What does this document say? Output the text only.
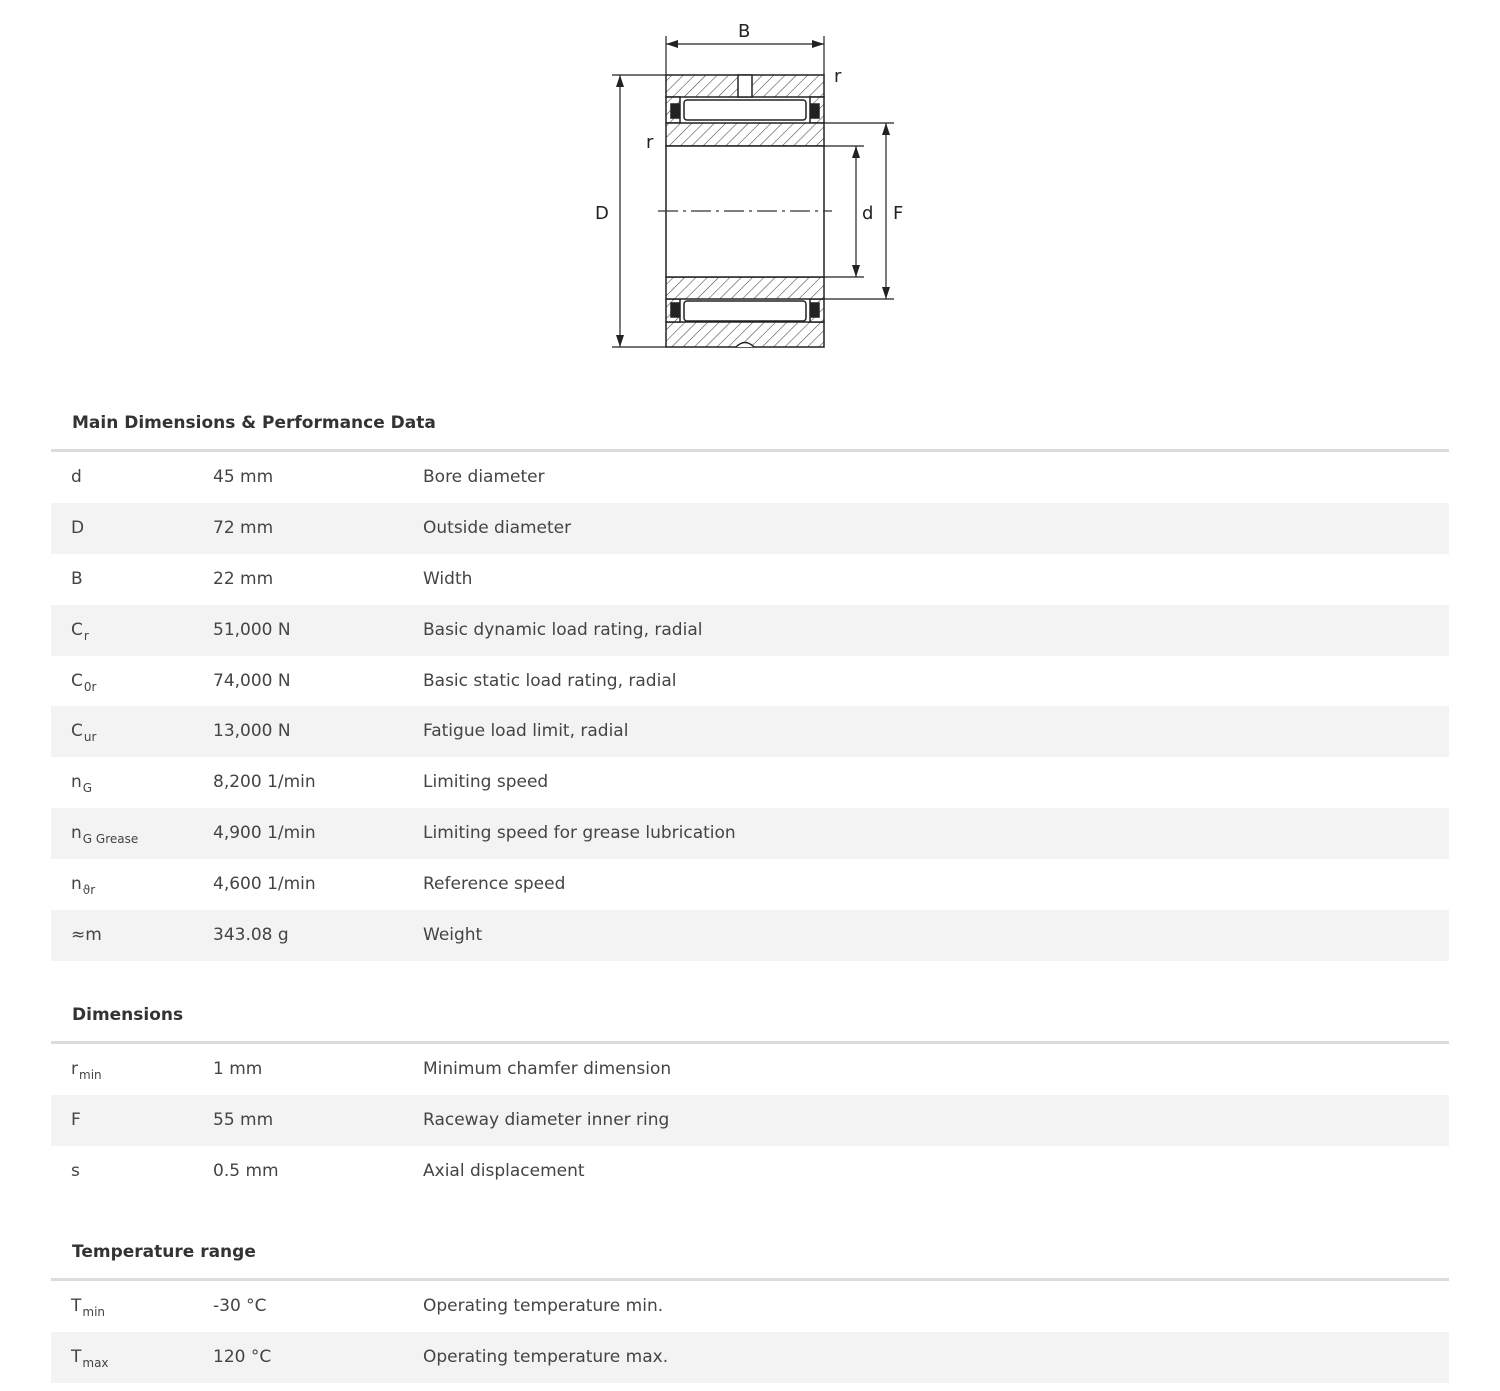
B
r
r
D	d F
Main Dimensions & Performance Data
d	45 mm	Bore diameter
D	72 mm	Outside diameter
B	22 mm	Width
$C_r$	51,000 N	Basic dynamic load rating, radial
$C_{0r}$	74,000 N	Basic static load rating, radial
$C_{ur}$	13,000 N	Fatigue load limit, radial
$n_G$	8,200 1/min	Limiting speed
$n_{G Grease}$	4,900 1/min	Limiting speed for grease lubrication
$n_{ϑr}$	4,600 1/min	Reference speed
≈m	343.08 g	Weight
Dimensions
$r_{min}$	1 mm	Minimum chamfer dimension
F	55 mm	Raceway diameter inner ring
s	0.5 mm	Axial displacement
Temperature range
$T_{min}$	-30 °C	Operating temperature min.
$T_{max}$	120 °C	Operating temperature max.
